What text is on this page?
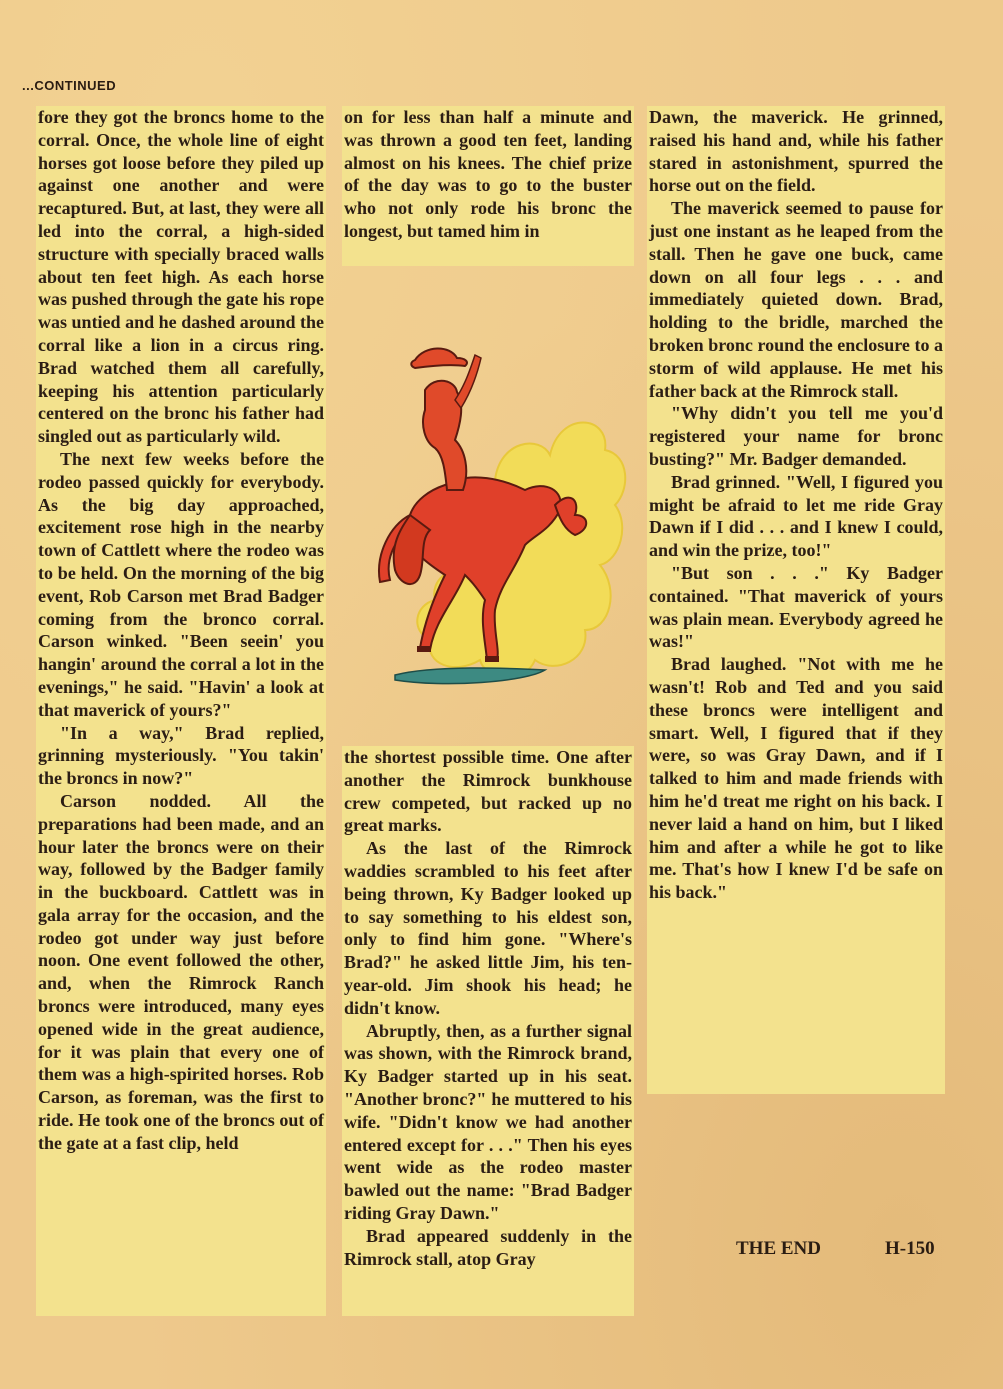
...CONTINUED

fore they got the broncs home to the corral. Once, the whole line of eight horses got loose before they piled up against one another and were recaptured. But, at last, they were all led into the corral, a high-sided structure with specially braced walls about ten feet high. As each horse was pushed through the gate his rope was untied and he dashed around the corral like a lion in a circus ring. Brad watched them all carefully, keeping his attention particularly centered on the bronc his father had singled out as particularly wild.

The next few weeks before the rodeo passed quickly for everybody. As the big day approached, excitement rose high in the nearby town of Cattlett where the rodeo was to be held. On the morning of the big event, Rob Carson met Brad Badger coming from the bronco corral. Carson winked. "Been seein' you hangin' around the corral a lot in the evenings," he said. "Havin' a look at that maverick of yours?"

"In a way," Brad replied, grinning mysteriously. "You takin' the broncs in now?"

Carson nodded. All the preparations had been made, and an hour later the broncs were on their way, followed by the Badger family in the buckboard. Cattlett was in gala array for the occasion, and the rodeo got under way just before noon. One event followed the other, and, when the Rimrock Ranch broncs were introduced, many eyes opened wide in the great audience, for it was plain that every one of them was a high-spirited horses. Rob Carson, as foreman, was the first to ride. He took one of the broncs out of the gate at a fast clip, held

on for less than half a minute and was thrown a good ten feet, landing almost on his knees. The chief prize of the day was to go to the buster who not only rode his bronc the longest, but tamed him in

the shortest possible time. One after another the Rimrock bunkhouse crew competed, but racked up no great marks.

As the last of the Rimrock waddies scrambled to his feet after being thrown, Ky Badger looked up to say something to his eldest son, only to find him gone. "Where's Brad?" he asked little Jim, his ten-year-old. Jim shook his head; he didn't know.

Abruptly, then, as a further signal was shown, with the Rimrock brand, Ky Badger started up in his seat. "Another bronc?" he muttered to his wife. "Didn't know we had another entered except for . . ." Then his eyes went wide as the rodeo master bawled out the name: "Brad Badger riding Gray Dawn."

Brad appeared suddenly in the Rimrock stall, atop Gray

Dawn, the maverick. He grinned, raised his hand and, while his father stared in astonishment, spurred the horse out on the field.

The maverick seemed to pause for just one instant as he leaped from the stall. Then he gave one buck, came down on all four legs . . . and immediately quieted down. Brad, holding to the bridle, marched the broken bronc round the enclosure to a storm of wild applause. He met his father back at the Rimrock stall.

"Why didn't you tell me you'd registered your name for bronc busting?" Mr. Badger demanded.

Brad grinned. "Well, I figured you might be afraid to let me ride Gray Dawn if I did . . . and I knew I could, and win the prize, too!"

"But son . . ." Ky Badger contained. "That maverick of yours was plain mean. Everybody agreed he was!"

Brad laughed. "Not with me he wasn't! Rob and Ted and you said these broncs were intelligent and smart. Well, I figured that if they were, so was Gray Dawn, and if I talked to him and made friends with him he'd treat me right on his back. I never laid a hand on him, but I liked him and after a while he got to like me. That's how I knew I'd be safe on his back."

THE END	H-150
